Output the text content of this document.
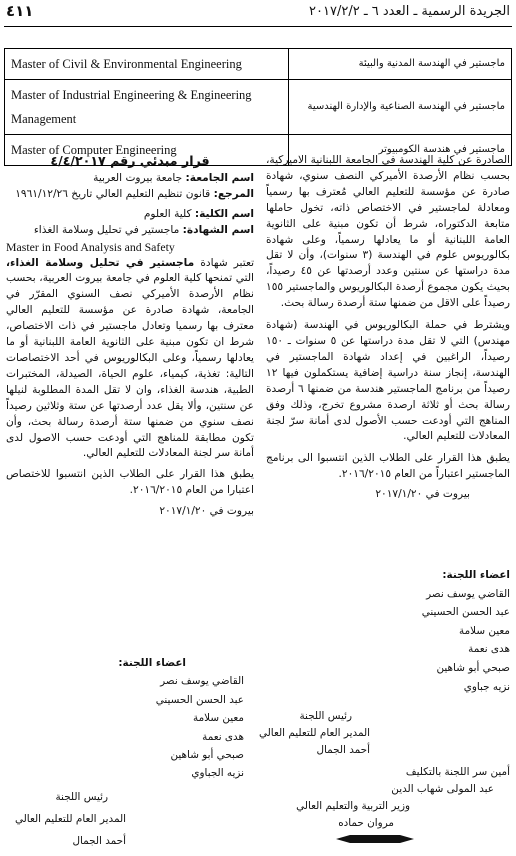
الجريدة الرسمية ـ العدد ٦ ـ ٢٠١٧/٢/٢
٤١١
Master of Civil & Environmental Engineering	ماجستير في الهندسة المدنية والبيئة
Master of Industrial Engineering & Engineering Management	ماجستير في الهندسة الصناعية والإدارة الهندسية
Master of Computer Engineering	ماجستير في هندسة الكومبيوتر

الصادرة عن كلية الهندسة في الجامعة اللبنانية الاميركية، بحسب نظام الأرصدة الأميركي النصف سنوي، شهادة صادرة عن مؤسسة للتعليم العالي مُعترف بها رسمياً ومعادلة لماجستير في الاختصاص ذاته، تخول حاملها متابعة الدكتوراه، شرط أن تكون مبنية على الثانوية العامة اللبنانية أو ما يعادلها رسمياً، وعلى شهادة بكالوريوس علوم في الهندسة (٣ سنوات)، وأن لا تقل مدة دراستها عن سنتين وعدد أرصدتها عن ٤٥ رصيداً، بحيث يكون مجموع أرصدة البكالوريوس والماجستير ١٥٥ رصيداً على الاقل من ضمنها ستة أرصدة رسالة بحث.

ويشترط في حملة البكالوريوس في الهندسة (شهادة مهندس) التي لا تقل مدة دراستها عن ٥ سنوات ـ ١٥٠ رصيداً، الراغبين في إعداد شهادة الماجستير في الهندسة، إنجاز سنة دراسية إضافية يستكملون فيها ١٢ رصيداً من برنامج الماجستير هندسة من ضمنها ٦ أرصدة رسالة بحث أو ثلاثة ارصدة مشروع تخرج، وذلك وفق المناهج التي أودعت حسب الأصول لدى أمانة سرّ لجنة المعادلات للتعليم العالي.

يطبق هذا القرار على الطلاب الذين انتسبوا الى برنامج الماجستير اعتباراً من العام ٢٠١٦/٢٠١٥.

بيروت في ٢٠١٧/١/٢٠

اعضاء اللجنة:
القاضي يوسف نصر
عبد الحسن الحسيني
معين سلامة
هدى نعمة
صبحي أبو شاهين
نزيه جباوي
رئيس اللجنة
المدير العام للتعليم العالي
أحمد الجمال
أمين سر اللجنة بالتكليف
عبد المولى شهاب الدين
وزير التربية والتعليم العالي
مروان حماده

قرار مبدئي رقم ٤/٤/٢٠١٧

اسم الجامعة: جامعة بيروت العربية

المرجع: قانون تنظيم التعليم العالي تاريخ ١٩٦١/١٢/٢٦

اسم الكلية: كلية العلوم

اسم الشهادة: ماجستير في تحليل وسلامة الغذاء

Master in Food Analysis and Safety

تعتبر شهادة ماجستير في تحليل وسلامة الغذاء، التي تمنحها كلية العلوم في جامعة بيروت العربية، بحسب نظام الأرصدة الأميركي نصف السنوي المقرّر في الجامعة، شهادة صادرة عن مؤسسة للتعليم العالي معترف بها رسميا وتعادل ماجستير في ذات الاختصاص، شرط ان تكون مبنية على الثانوية العامة اللبنانية أو ما يعادلها رسمياً، وعلى البكالوريوس في أحد الاختصاصات التالية: تغذية، كيمياء، علوم الحياة، الصيدلة، المختبرات الطبية، هندسة الغذاء، وان لا تقل المدة المطلوبة لنيلها عن سنتين، وألا يقل عدد أرصدتها عن ستة وثلاثين رصيداً نصف سنوي من ضمنها ستة أرصدة رسالة بحث، وأن تكون مطابقة للمناهج التي أودعت حسب الاصول لدى أمانة سر لجنة المعادلات للتعليم العالي.

يطبق هذا القرار على الطلاب الذين انتسبوا للاختصاص اعتبارا من العام ٢٠١٦/٢٠١٥.

بيروت في ٢٠١٧/١/٢٠

اعضاء اللجنة:
القاضي يوسف نصر
عبد الحسن الحسيني
معين سلامة
هدى نعمة
صبحي أبو شاهين
نزيه الجباوي
رئيس اللجنة
المدير العام للتعليم العالي
أحمد الجمال
